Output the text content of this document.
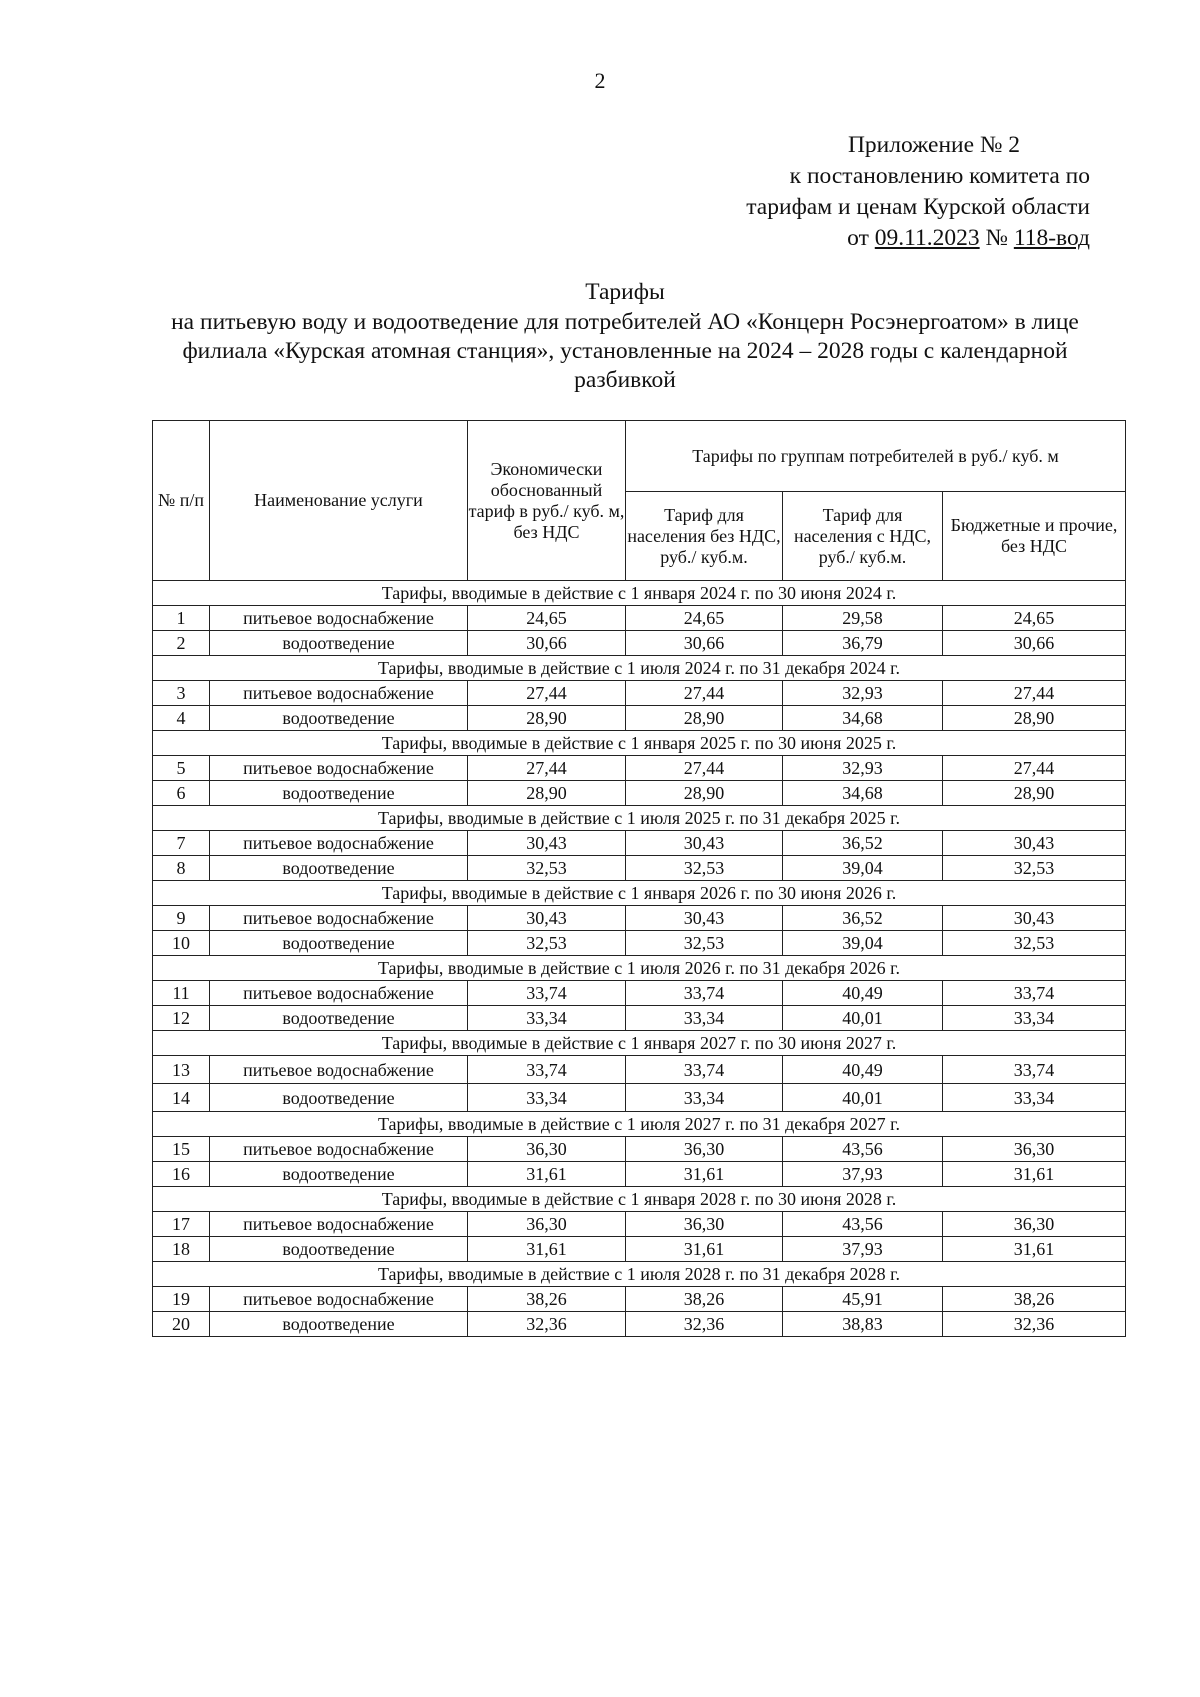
2
Приложение № 2
к постановлению комитета по
тарифам и ценам Курской области
от 09.11.2023 № 118-вод
Тарифы
на питьевую воду и водоотведение для потребителей АО «Концерн Росэнергоатом» в лице филиала «Курская атомная станция», установленные на 2024 – 2028 годы с календарной разбивкой
№ п/п	Наименование услуги	Экономически обоснованный тариф в руб./ куб. м, без НДС	Тарифы по группам потребителей в руб./ куб. м		
			Тариф для населения без НДС, руб./ куб.м.	Тариф для населения с НДС, руб./ куб.м.	Бюджетные и прочие, без НДС
Тарифы, вводимые в действие с 1 января 2024 г. по 30 июня 2024 г.					
1	питьевое водоснабжение	24,65	24,65	29,58	24,65
2	водоотведение	30,66	30,66	36,79	30,66
Тарифы, вводимые в действие с 1 июля 2024 г. по 31 декабря 2024 г.					
3	питьевое водоснабжение	27,44	27,44	32,93	27,44
4	водоотведение	28,90	28,90	34,68	28,90
Тарифы, вводимые в действие с 1 января 2025 г. по 30 июня 2025 г.					
5	питьевое водоснабжение	27,44	27,44	32,93	27,44
6	водоотведение	28,90	28,90	34,68	28,90
Тарифы, вводимые в действие с 1 июля 2025 г. по 31 декабря 2025 г.					
7	питьевое водоснабжение	30,43	30,43	36,52	30,43
8	водоотведение	32,53	32,53	39,04	32,53
Тарифы, вводимые в действие с 1 января 2026 г. по 30 июня 2026 г.					
9	питьевое водоснабжение	30,43	30,43	36,52	30,43
10	водоотведение	32,53	32,53	39,04	32,53
Тарифы, вводимые в действие с 1 июля 2026 г. по 31 декабря 2026 г.					
11	питьевое водоснабжение	33,74	33,74	40,49	33,74
12	водоотведение	33,34	33,34	40,01	33,34
Тарифы, вводимые в действие с 1 января 2027 г. по 30 июня 2027 г.					
13	питьевое водоснабжение	33,74	33,74	40,49	33,74
14	водоотведение	33,34	33,34	40,01	33,34
Тарифы, вводимые в действие с 1 июля 2027 г. по 31 декабря 2027 г.					
15	питьевое водоснабжение	36,30	36,30	43,56	36,30
16	водоотведение	31,61	31,61	37,93	31,61
Тарифы, вводимые в действие с 1 января 2028 г. по 30 июня 2028 г.					
17	питьевое водоснабжение	36,30	36,30	43,56	36,30
18	водоотведение	31,61	31,61	37,93	31,61
Тарифы, вводимые в действие с 1 июля 2028 г. по 31 декабря 2028 г.					
19	питьевое водоснабжение	38,26	38,26	45,91	38,26
20	водоотведение	32,36	32,36	38,83	32,36
